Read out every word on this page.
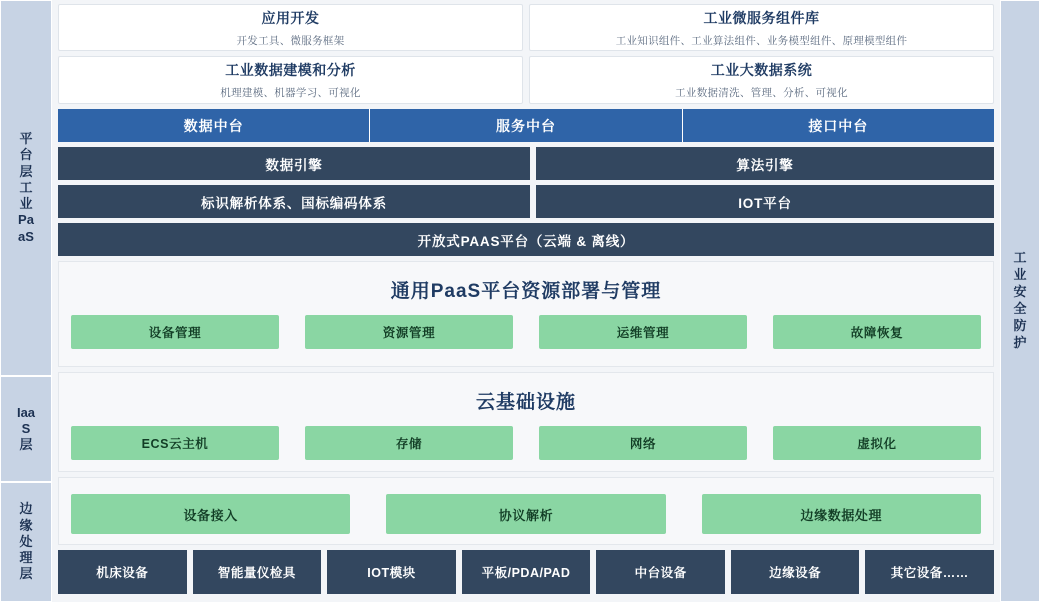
平台层工业PaaS
IaaS层
边缘处理层
应用开发
开发工具、微服务框架
工业微服务组件库
工业知识组件、工业算法组件、业务模型组件、原理模型组件
工业数据建模和分析
机理建模、机器学习、可视化
工业大数据系统
工业数据清洗、管理、分析、可视化
数据中台	服务中台	接口中台
数据引擎	算法引擎
标识解析体系、国标编码体系	IOT平台
开放式PAAS平台（云端 & 离线）
通用PaaS平台资源部署与管理
设备管理	资源管理	运维管理	故障恢复
云基础设施
ECS云主机	存储	网络	虚拟化
设备接入	协议解析	边缘数据处理
机床设备	智能量仪检具	IOT模块	平板/PDA/PAD	中台设备	边缘设备	其它设备……
工业安全防护
